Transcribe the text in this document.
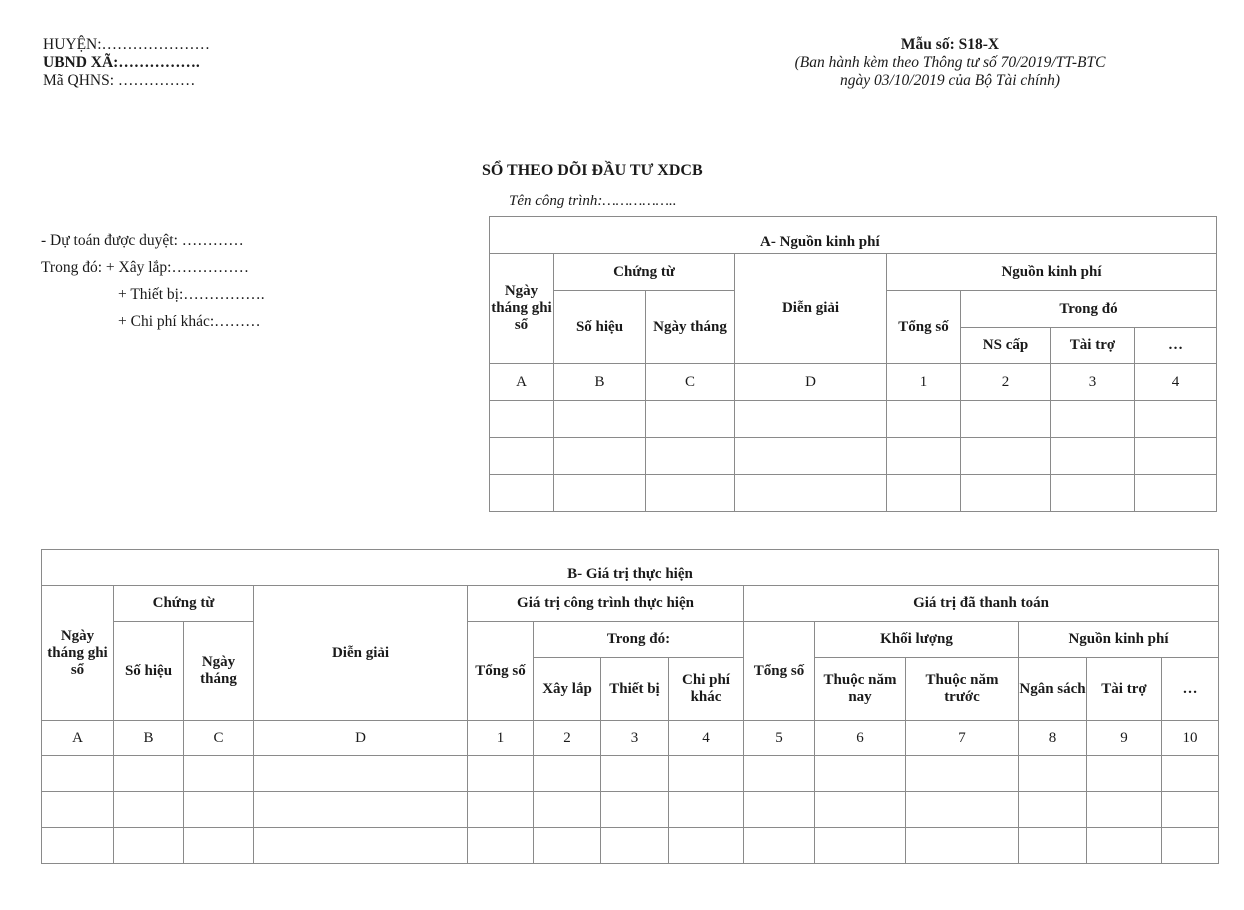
HUYỆN:…………………
UBND XÃ:…………….
Mã QHNS: ……………
Mẫu số: S18-X
(Ban hành kèm theo Thông tư số 70/2019/TT-BTC
ngày 03/10/2019 của Bộ Tài chính)
SỔ THEO DÕI ĐẦU TƯ XDCB
Tên công trình:……………..
- Dự toán được duyệt: …………
Trong đó: + Xây lắp:……………
+ Thiết bị:…………….
+ Chi phí khác:………
A- Nguồn kinh phí							
Ngày tháng ghi sổ	Chứng từ		Diễn giải	Nguồn kinh phí			
	Số hiệu	Ngày tháng		Tổng số	Trong đó		
					NS cấp	Tài trợ	…
A	B	C	D	1	2	3	4

B- Giá trị thực hiện													
Ngày tháng ghi sổ	Chứng từ		Diễn giải	Giá trị công trình thực hiện				Giá trị đã thanh toán					
	Số hiệu	Ngày tháng		Tổng số	Trong đó:			Tổng số	Khối lượng		Nguồn kinh phí		
					Xây lắp	Thiết bị	Chi phí khác		Thuộc năm nay	Thuộc năm trước	Ngân sách	Tài trợ	…
A	B	C	D	1	2	3	4	5	6	7	8	9	10
